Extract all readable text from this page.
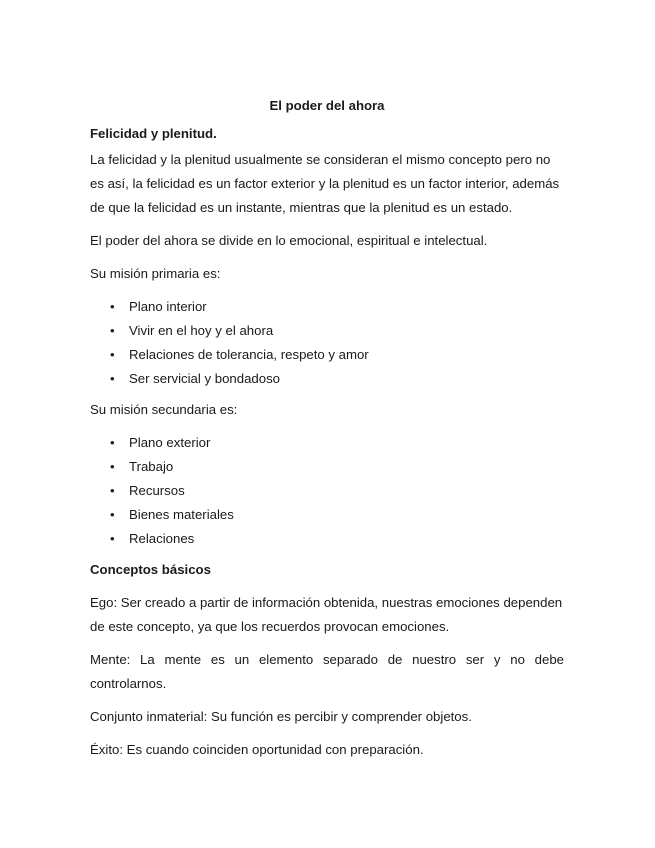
El poder del ahora
Felicidad y plenitud.
La felicidad y la plenitud usualmente se consideran el mismo concepto pero no es así, la felicidad es un factor exterior y la plenitud es un factor interior, además de que la felicidad es un instante, mientras que la plenitud es un estado.
El poder del ahora se divide en lo emocional, espiritual e intelectual.
Su misión primaria es:
• Plano interior
• Vivir en el hoy y el ahora
• Relaciones de tolerancia, respeto y amor
• Ser servicial y bondadoso
Su misión secundaria es:
• Plano exterior
• Trabajo
• Recursos
• Bienes materiales
• Relaciones
Conceptos básicos
Ego: Ser creado a partir de información obtenida, nuestras emociones dependen de este concepto, ya que los recuerdos provocan emociones.
Mente: La mente es un elemento separado de nuestro ser y no debe controlarnos.
Conjunto inmaterial: Su función es percibir y comprender objetos.
Éxito: Es cuando coinciden oportunidad con preparación.
